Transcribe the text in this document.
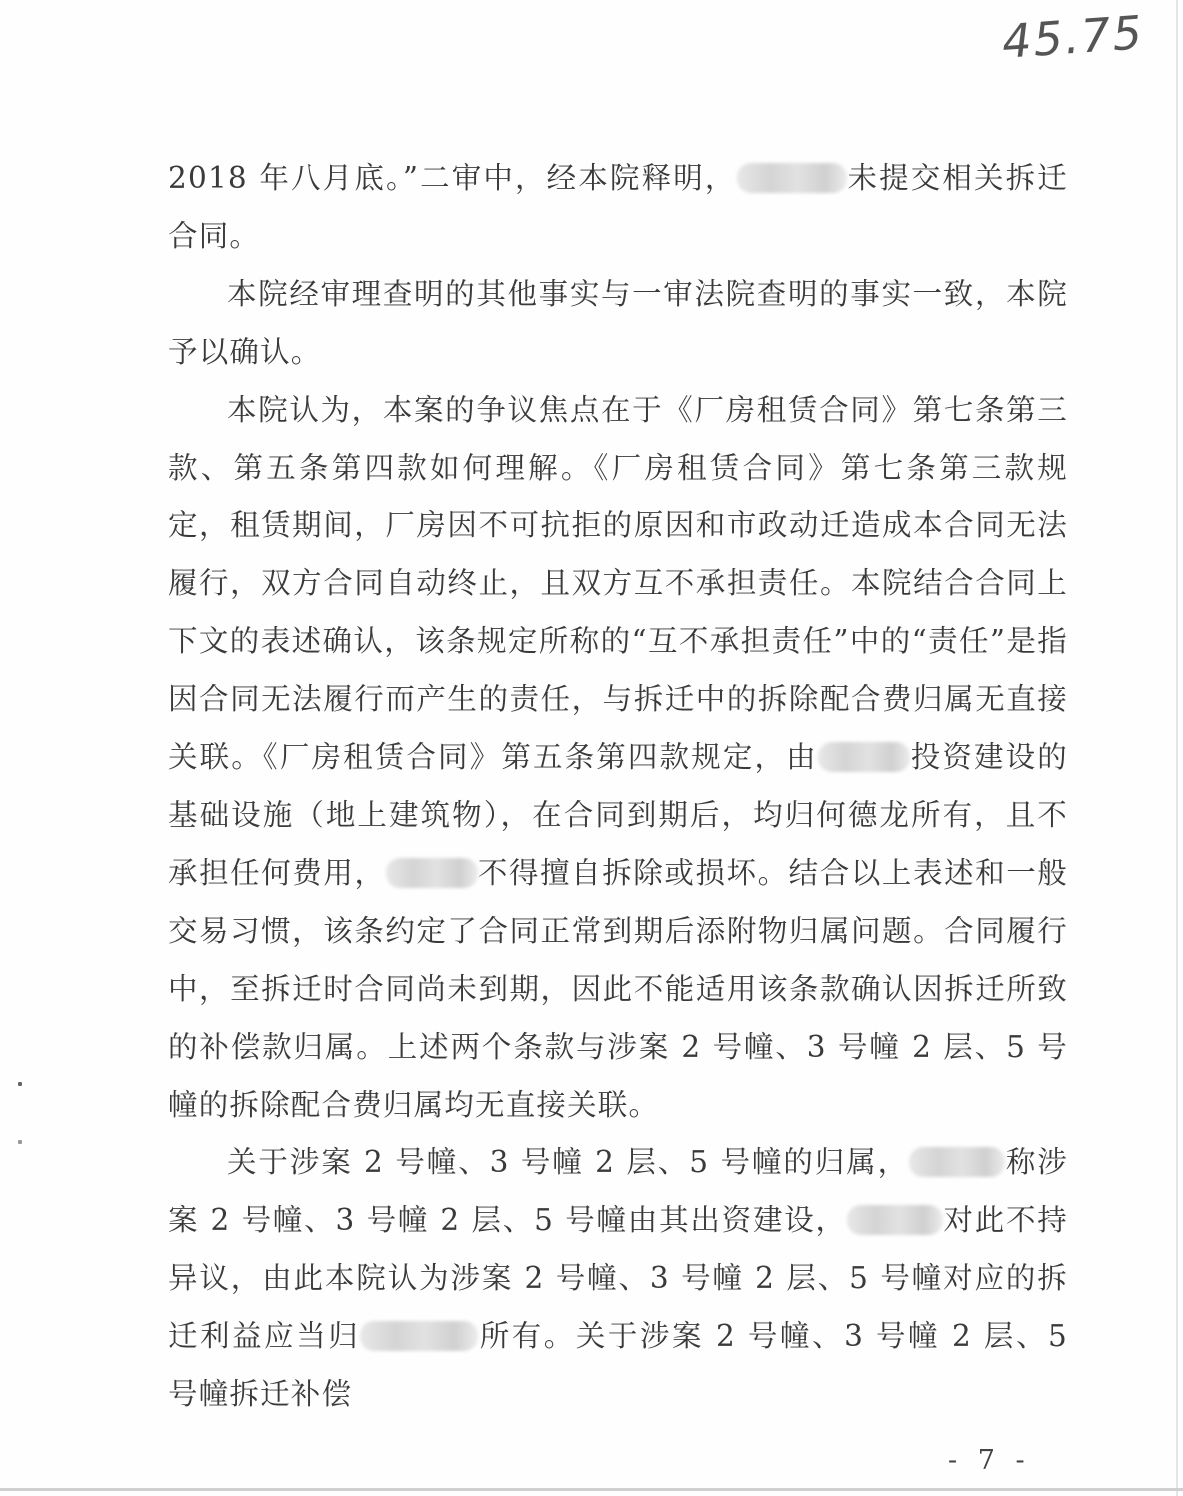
45.75

2018 年八月底。”二审中，经本院释明，	未提交相关拆迁合同。

本院经审理查明的其他事实与一审法院查明的事实一致，本院予以确认。

本院认为，本案的争议焦点在于《厂房租赁合同》第七条第三款、第五条第四款如何理解。《厂房租赁合同》第七条第三款规定，租赁期间，厂房因不可抗拒的原因和市政动迁造成本合同无法履行，双方合同自动终止，且双方互不承担责任。本院结合合同上下文的表述确认，该条规定所称的“互不承担责任”中的“责任”是指因合同无法履行而产生的责任，与拆迁中的拆除配合费归属无直接关联。《厂房租赁合同》第五条第四款规定，由	投资建设的基础设施（地上建筑物），在合同到期后，均归何德龙所有，且不承担任何费用，	不得擅自拆除或损坏。结合以上表述和一般交易习惯，该条约定了合同正常到期后添附物归属问题。合同履行中，至拆迁时合同尚未到期，因此不能适用该条款确认因拆迁所致的补偿款归属。上述两个条款与涉案 2 号幢、3 号幢 2 层、5 号幢的拆除配合费归属均无直接关联。

关于涉案 2 号幢、3 号幢 2 层、5 号幢的归属，	称涉案 2 号幢、3 号幢 2 层、5 号幢由其出资建设，	对此不持异议，由此本院认为涉案 2 号幢、3 号幢 2 层、5 号幢对应的拆迁利益应当归	所有。关于涉案 2 号幢、3 号幢 2 层、5 号幢拆迁补偿

- 7 -
